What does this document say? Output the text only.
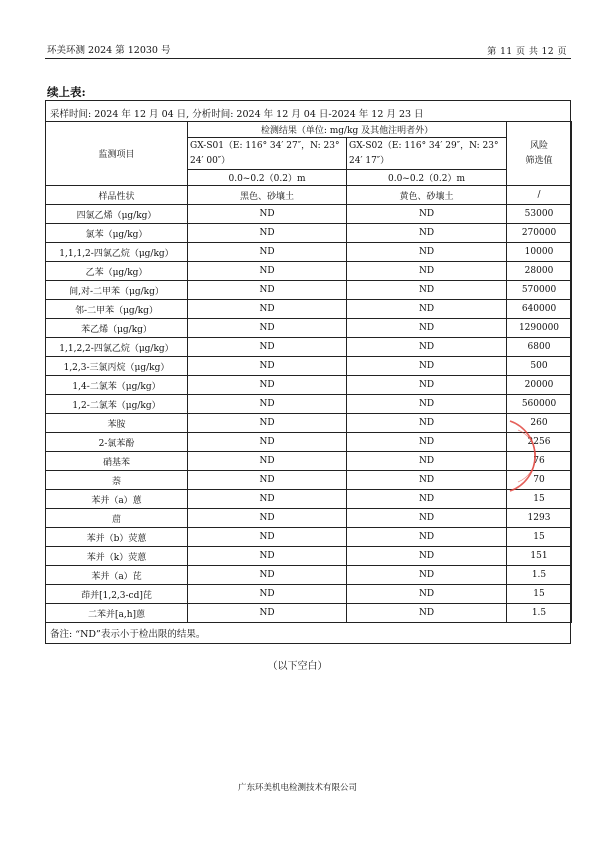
环美环测 2024 第 12030 号	第 11 页 共 12 页
续上表:
采样时间: 2024 年 12 月 04 日, 分析时间: 2024 年 12 月 04 日-2024 年 12 月 23 日
监测项目	检测结果（单位: mg/kg 及其他注明者外）		风险
筛选值
	GX-S01（E: 116° 34′ 27″，N: 23° 24′ 00″）	GX-S02（E: 116° 34′ 29″，N: 23° 24′ 17″）	
	0.0~0.2（0.2）m	0.0~0.2（0.2）m	
样品性状	黑色、砂壤土	黄色、砂壤土	/
四氯乙烯（μg/kg）	ND	ND	53000
氯苯（μg/kg）	ND	ND	270000
1,1,1,2-四氯乙烷（μg/kg）	ND	ND	10000
乙苯（μg/kg）	ND	ND	28000
间,对-二甲苯（μg/kg）	ND	ND	570000
邻-二甲苯（μg/kg）	ND	ND	640000
苯乙烯（μg/kg）	ND	ND	1290000
1,1,2,2-四氯乙烷（μg/kg）	ND	ND	6800
1,2,3-三氯丙烷（μg/kg）	ND	ND	500
1,4-二氯苯（μg/kg）	ND	ND	20000
1,2-二氯苯（μg/kg）	ND	ND	560000
苯胺	ND	ND	260
2-氯苯酚	ND	ND	2256
硝基苯	ND	ND	76
萘	ND	ND	70
苯并（a）蒽	ND	ND	15
䓛	ND	ND	1293
苯并（b）荧蒽	ND	ND	15
苯并（k）荧蒽	ND	ND	151
苯并（a）芘	ND	ND	1.5
茚并[1,2,3-cd]芘	ND	ND	15
二苯并[a,h]蒽	ND	ND	1.5
备注: “ND”表示小于检出限的结果。
（以下空白）
广东环美机电检测技术有限公司
